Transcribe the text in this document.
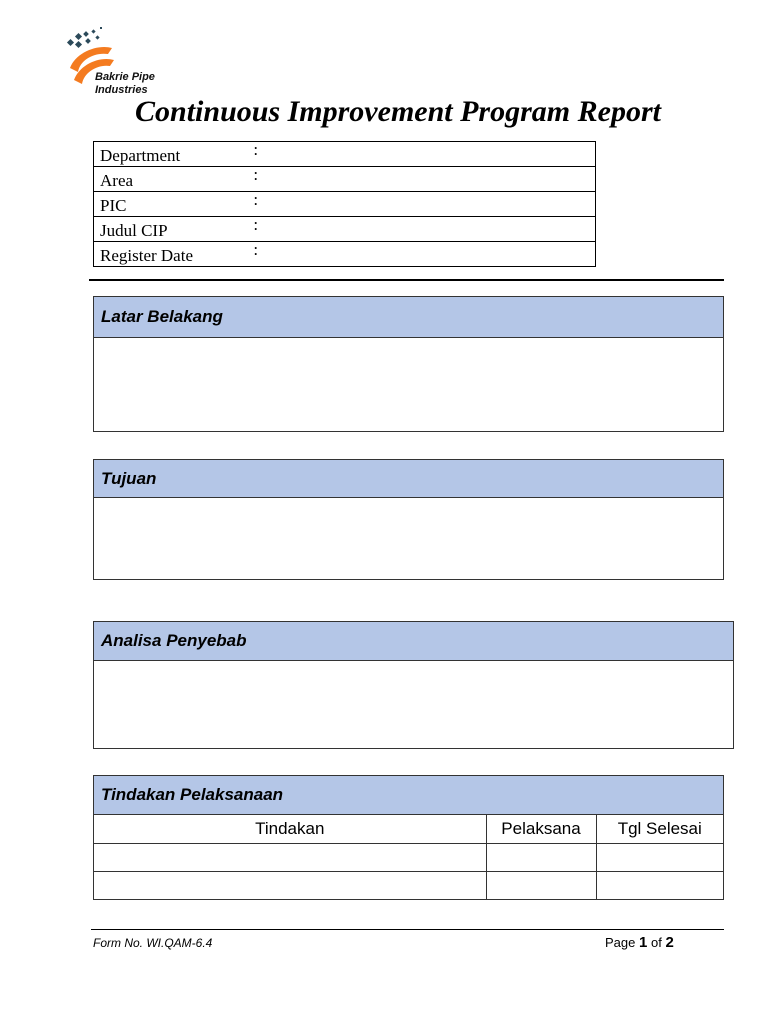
Bakrie Pipe
Industries
Continuous Improvement Program Report
Department	:
Area	:
PIC	:
Judul CIP	:
Register Date	:
Latar Belakang
Tujuan
Analisa Penyebab
Tindakan Pelaksanaan
Tindakan	Pelaksana	Tgl Selesai

Form No. WI.QAM-6.4	Page 1 of 2
